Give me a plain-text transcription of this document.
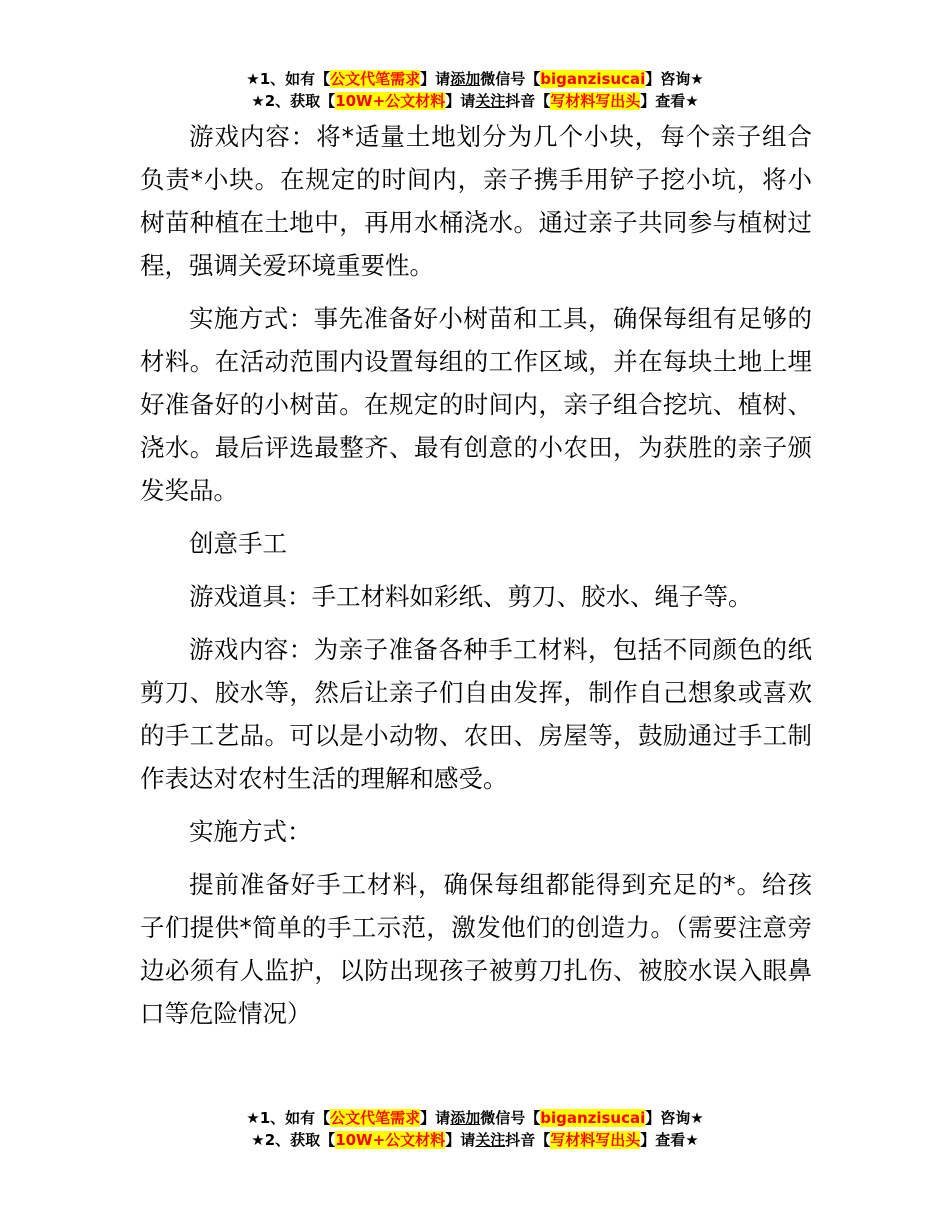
★1、如有【公文代笔需求】请添加微信号【biganzisucai】咨询★
★2、获取【10W+公文材料】请关注抖音【写材料写出头】查看★

游戏内容：将*适量土地划分为几个小块，每个亲子组合负责*小块。在规定的时间内，亲子携手用铲子挖小坑，将小树苗种植在土地中，再用水桶浇水。通过亲子共同参与植树过程，强调关爱环境重要性。

实施方式：事先准备好小树苗和工具，确保每组有足够的材料。在活动范围内设置每组的工作区域，并在每块土地上埋好准备好的小树苗。在规定的时间内，亲子组合挖坑、植树、浇水。最后评选最整齐、最有创意的小农田，为获胜的亲子颁发奖品。

创意手工

游戏道具：手工材料如彩纸、剪刀、胶水、绳子等。

游戏内容：为亲子准备各种手工材料，包括不同颜色的纸剪刀、胶水等，然后让亲子们自由发挥，制作自己想象或喜欢的手工艺品。可以是小动物、农田、房屋等，鼓励通过手工制作表达对农村生活的理解和感受。

实施方式：

提前准备好手工材料，确保每组都能得到充足的*。给孩子们提供*简单的手工示范，激发他们的创造力。（需要注意旁边必须有人监护，以防出现孩子被剪刀扎伤、被胶水误入眼鼻口等危险情况）

★1、如有【公文代笔需求】请添加微信号【biganzisucai】咨询★
★2、获取【10W+公文材料】请关注抖音【写材料写出头】查看★
